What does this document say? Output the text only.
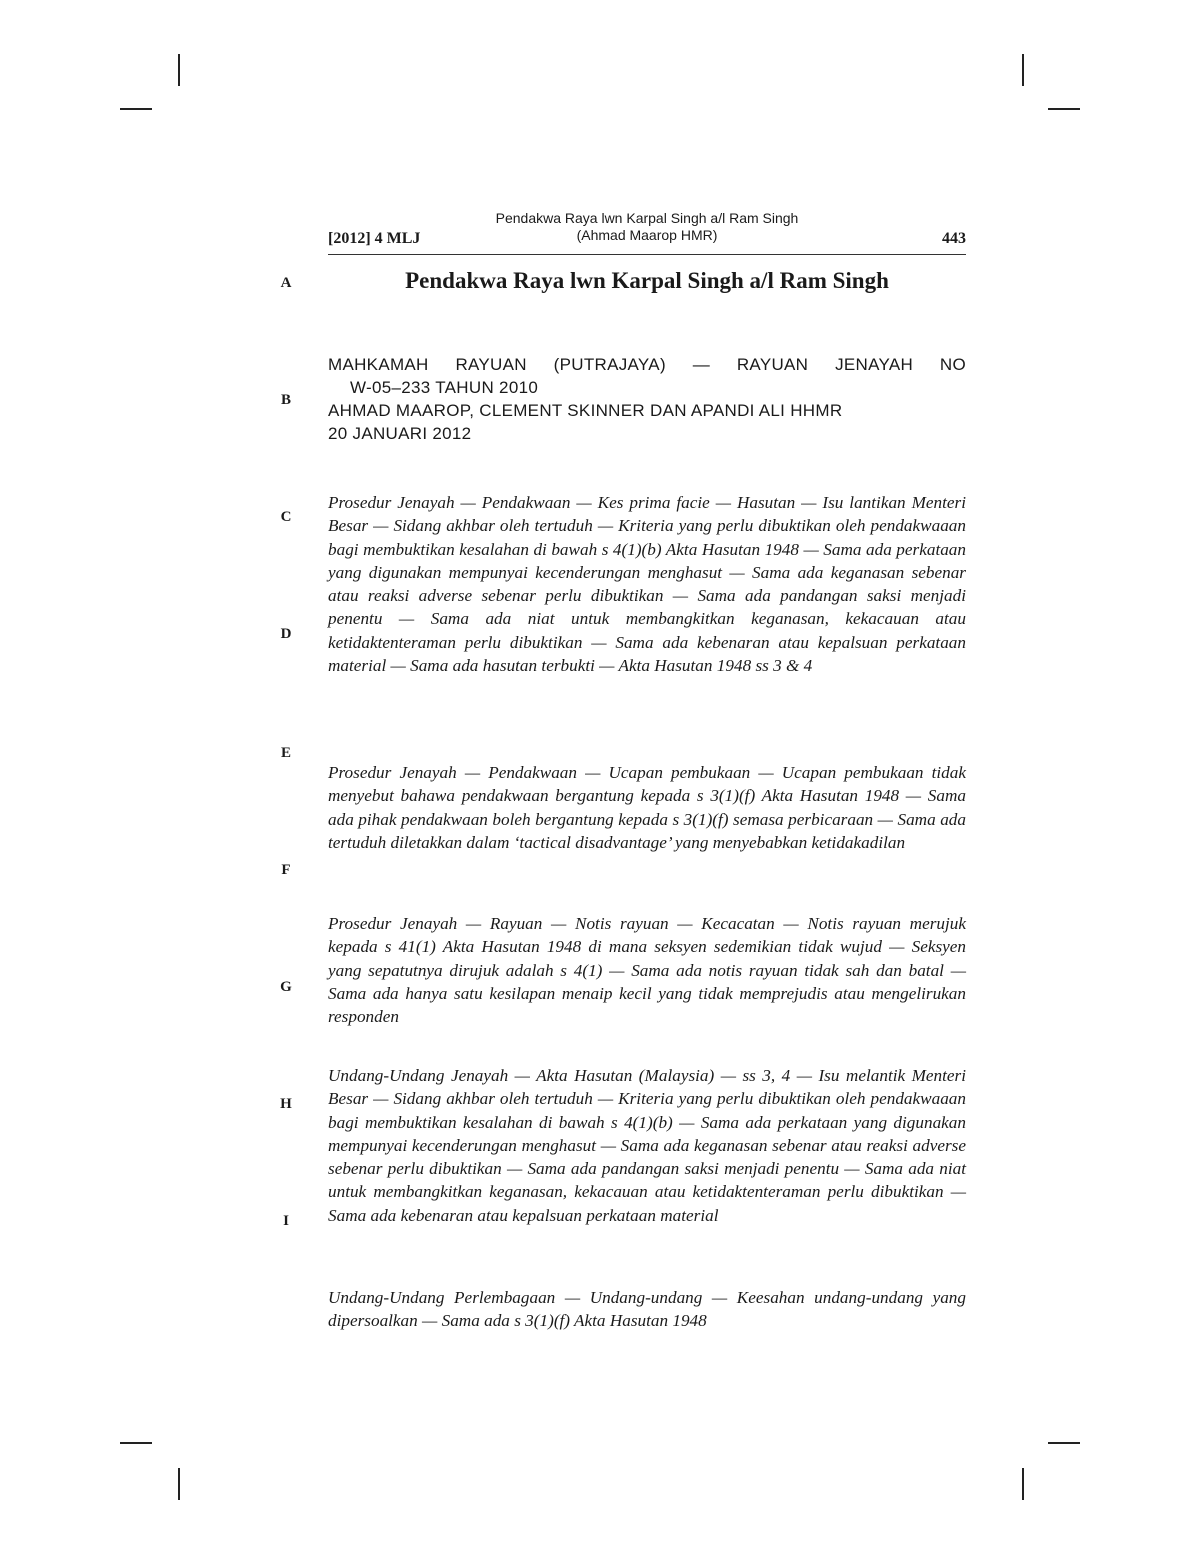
[2012] 4 MLJ
Pendakwa Raya lwn Karpal Singh a/l Ram Singh
(Ahmad Maarop HMR)	443
Pendakwa Raya lwn Karpal Singh a/l Ram Singh
A
B
C
D
E
F
G
H
I
MAHKAMAH RAYUAN (PUTRAJAYA) — RAYUAN JENAYAH NO
W-05–233 TAHUN 2010
AHMAD MAAROP, CLEMENT SKINNER DAN APANDI ALI HHMR
20 JANUARI 2012
Prosedur Jenayah — Pendakwaan — Kes prima facie — Hasutan — Isu lantikan Menteri Besar — Sidang akhbar oleh tertuduh — Kriteria yang perlu dibuktikan oleh pendakwaaan bagi membuktikan kesalahan di bawah s 4(1)(b) Akta Hasutan 1948 — Sama ada perkataan yang digunakan mempunyai kecenderungan menghasut — Sama ada keganasan sebenar atau reaksi adverse sebenar perlu dibuktikan — Sama ada pandangan saksi menjadi penentu — Sama ada niat untuk membangkitkan keganasan, kekacauan atau ketidaktenteraman perlu dibuktikan — Sama ada kebenaran atau kepalsuan perkataan material — Sama ada hasutan terbukti — Akta Hasutan 1948 ss 3 & 4
Prosedur Jenayah — Pendakwaan — Ucapan pembukaan — Ucapan pembukaan tidak menyebut bahawa pendakwaan bergantung kepada s 3(1)(f) Akta Hasutan 1948 — Sama ada pihak pendakwaan boleh bergantung kepada s 3(1)(f) semasa perbicaraan — Sama ada tertuduh diletakkan dalam ‘tactical disadvantage’ yang menyebabkan ketidakadilan
Prosedur Jenayah — Rayuan — Notis rayuan — Kecacatan — Notis rayuan merujuk kepada s 41(1) Akta Hasutan 1948 di mana seksyen sedemikian tidak wujud — Seksyen yang sepatutnya dirujuk adalah s 4(1) — Sama ada notis rayuan tidak sah dan batal — Sama ada hanya satu kesilapan menaip kecil yang tidak memprejudis atau mengelirukan responden
Undang-Undang Jenayah — Akta Hasutan (Malaysia) — ss 3, 4 — Isu melantik Menteri Besar — Sidang akhbar oleh tertuduh — Kriteria yang perlu dibuktikan oleh pendakwaaan bagi membuktikan kesalahan di bawah s 4(1)(b) — Sama ada perkataan yang digunakan mempunyai kecenderungan menghasut — Sama ada keganasan sebenar atau reaksi adverse sebenar perlu dibuktikan — Sama ada pandangan saksi menjadi penentu — Sama ada niat untuk membangkitkan keganasan, kekacauan atau ketidaktenteraman perlu dibuktikan — Sama ada kebenaran atau kepalsuan perkataan material
Undang-Undang Perlembagaan — Undang-undang — Keesahan undang-undang yang dipersoalkan — Sama ada s 3(1)(f) Akta Hasutan 1948
